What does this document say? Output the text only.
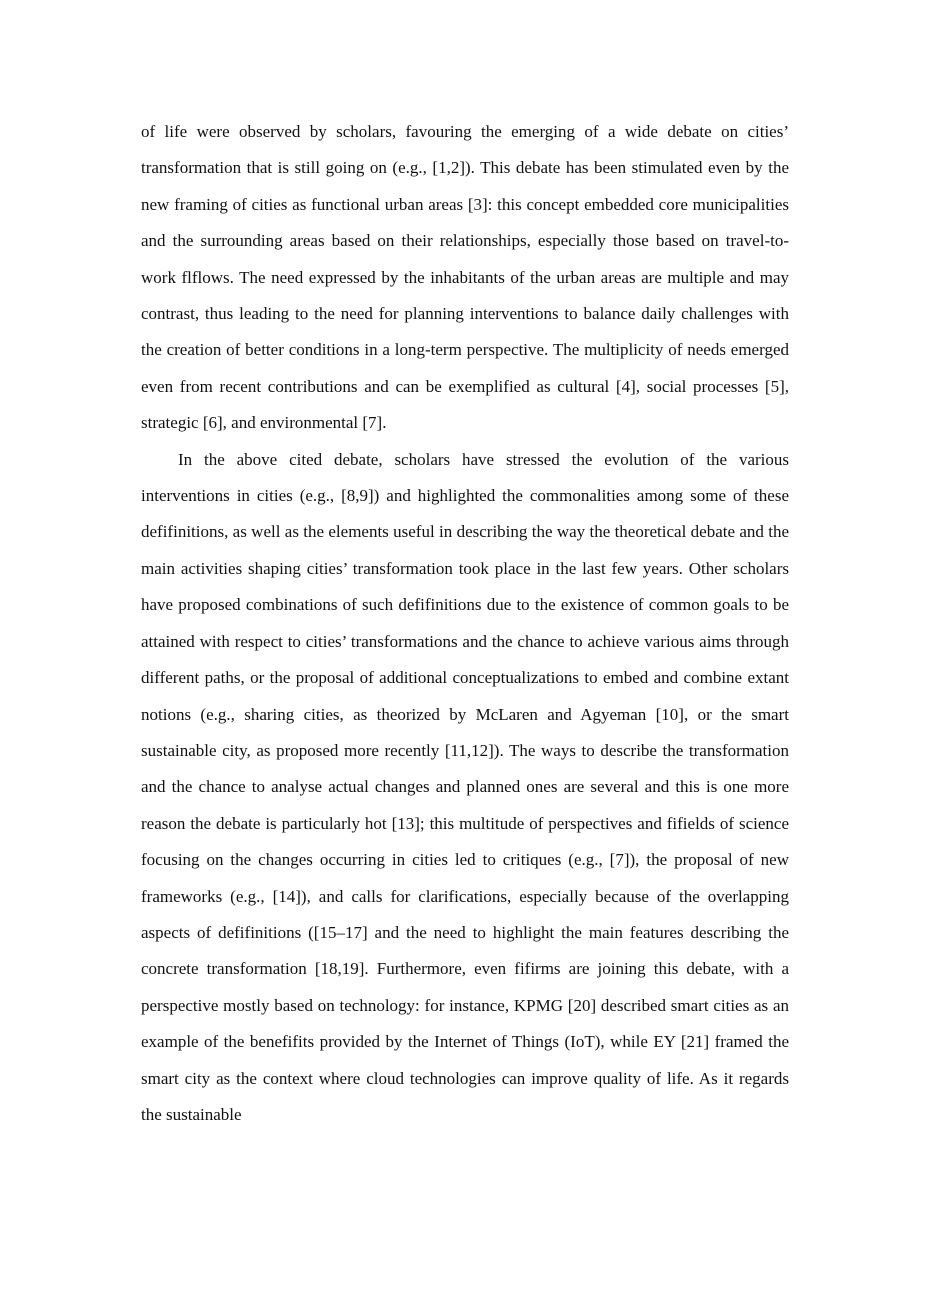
of life were observed by scholars, favouring the emerging of a wide debate on cities’ transformation that is still going on (e.g., [1,2]). This debate has been stimulated even by the new framing of cities as functional urban areas [3]: this concept embedded core municipalities and the surrounding areas based on their relationships, especially those based on travel-to-work flflows. The need expressed by the inhabitants of the urban areas are multiple and may contrast, thus leading to the need for planning interventions to balance daily challenges with the creation of better conditions in a long-term perspective. The multiplicity of needs emerged even from recent contributions and can be exemplified as cultural [4], social processes [5], strategic [6], and environmental [7].

In the above cited debate, scholars have stressed the evolution of the various interventions in cities (e.g., [8,9]) and highlighted the commonalities among some of these defifinitions, as well as the elements useful in describing the way the theoretical debate and the main activities shaping cities’ transformation took place in the last few years. Other scholars have proposed combinations of such defifinitions due to the existence of common goals to be attained with respect to cities’ transformations and the chance to achieve various aims through different paths, or the proposal of additional conceptualizations to embed and combine extant notions (e.g., sharing cities, as theorized by McLaren and Agyeman [10], or the smart sustainable city, as proposed more recently [11,12]). The ways to describe the transformation and the chance to analyse actual changes and planned ones are several and this is one more reason the debate is particularly hot [13]; this multitude of perspectives and fifields of science focusing on the changes occurring in cities led to critiques (e.g., [7]), the proposal of new frameworks (e.g., [14]), and calls for clarifications, especially because of the overlapping aspects of defifinitions ([15–17] and the need to highlight the main features describing the concrete transformation [18,19]. Furthermore, even fifirms are joining this debate, with a perspective mostly based on technology: for instance, KPMG [20] described smart cities as an example of the benefifits provided by the Internet of Things (IoT), while EY [21] framed the smart city as the context where cloud technologies can improve quality of life. As it regards the sustainable
